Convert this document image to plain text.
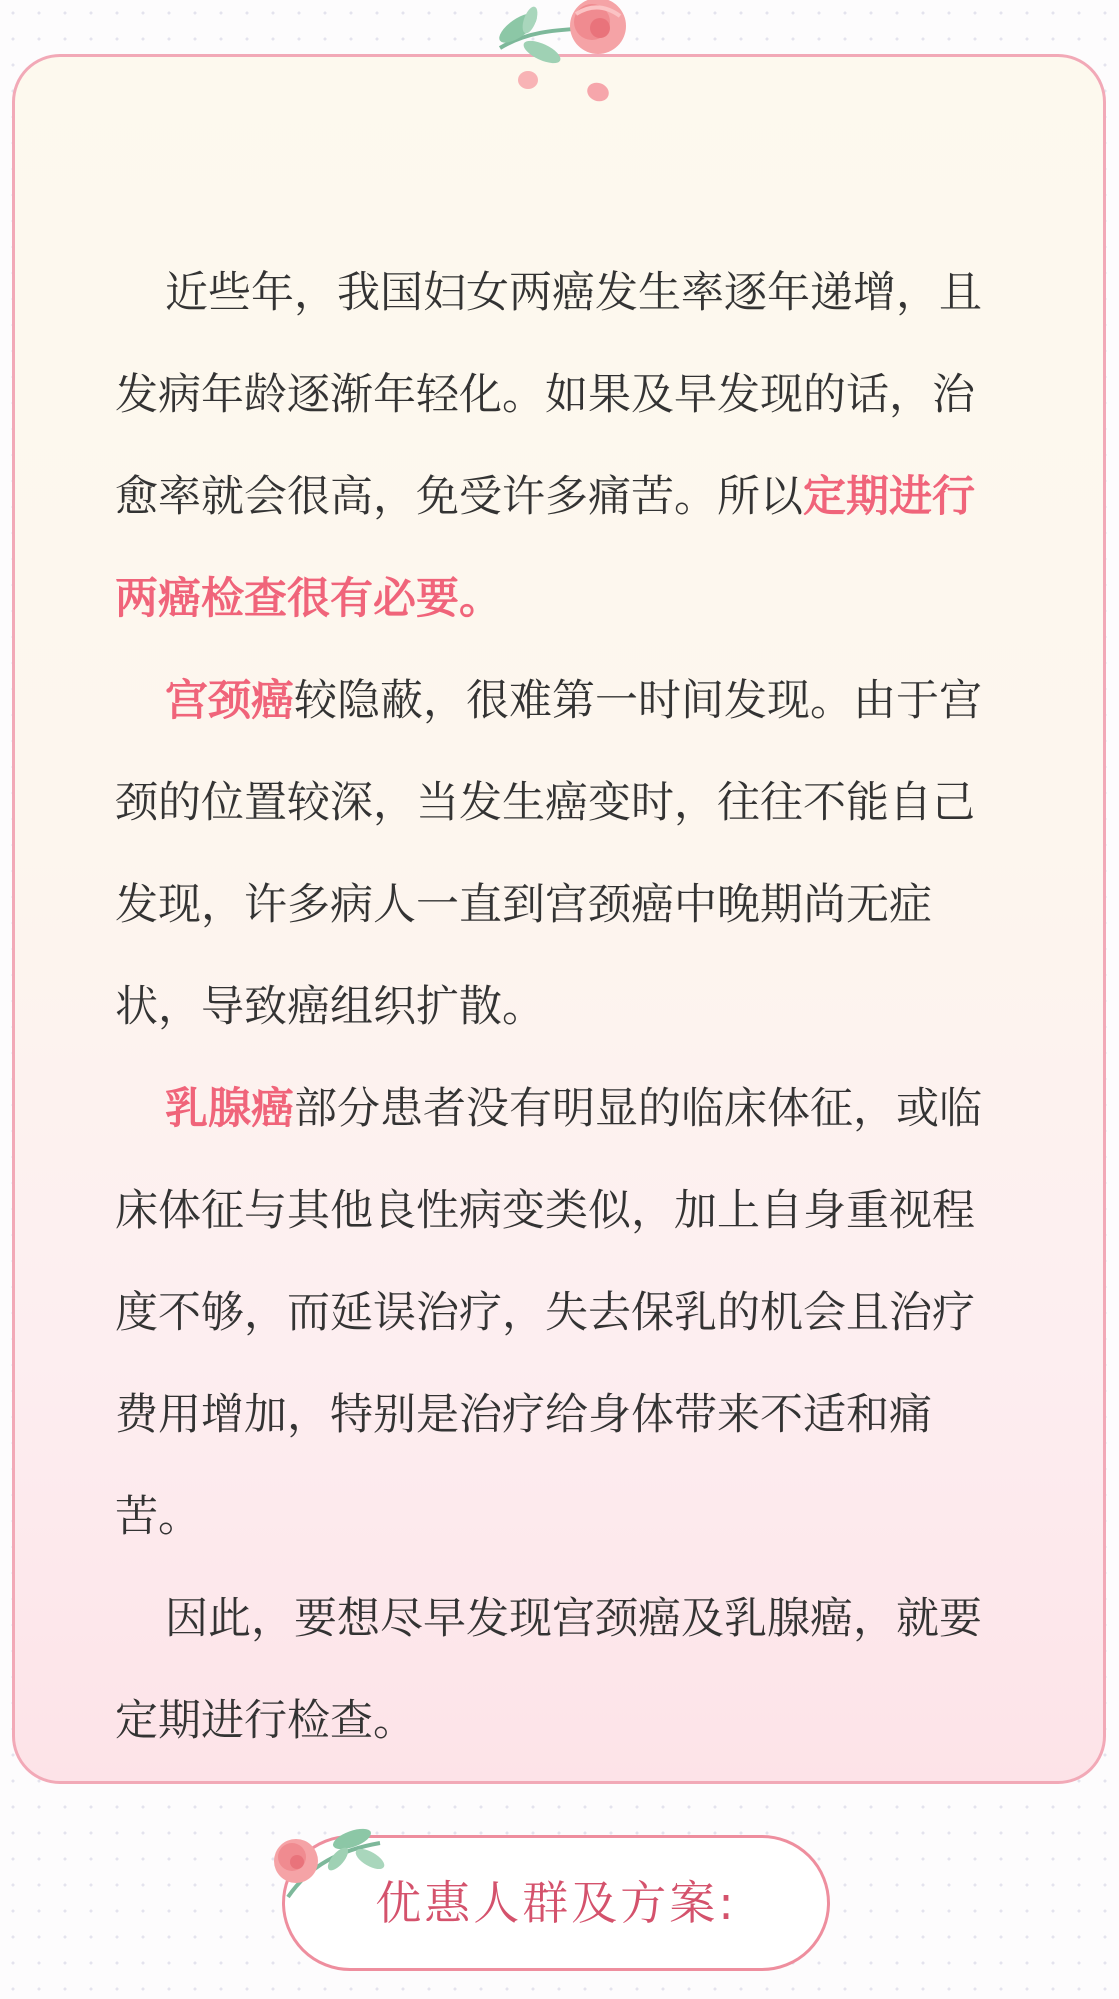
近些年，我国妇女两癌发生率逐年递增，且发病年龄逐渐年轻化。如果及早发现的话，治愈率就会很高，免受许多痛苦。所以定期进行两癌检查很有必要。

宫颈癌较隐蔽，很难第一时间发现。由于宫颈的位置较深，当发生癌变时，往往不能自己发现，许多病人一直到宫颈癌中晚期尚无症状，导致癌组织扩散。

乳腺癌部分患者没有明显的临床体征，或临床体征与其他良性病变类似，加上自身重视程度不够，而延误治疗，失去保乳的机会且治疗费用增加，特别是治疗给身体带来不适和痛苦。

因此，要想尽早发现宫颈癌及乳腺癌，就要定期进行检查。

优惠人群及方案:
